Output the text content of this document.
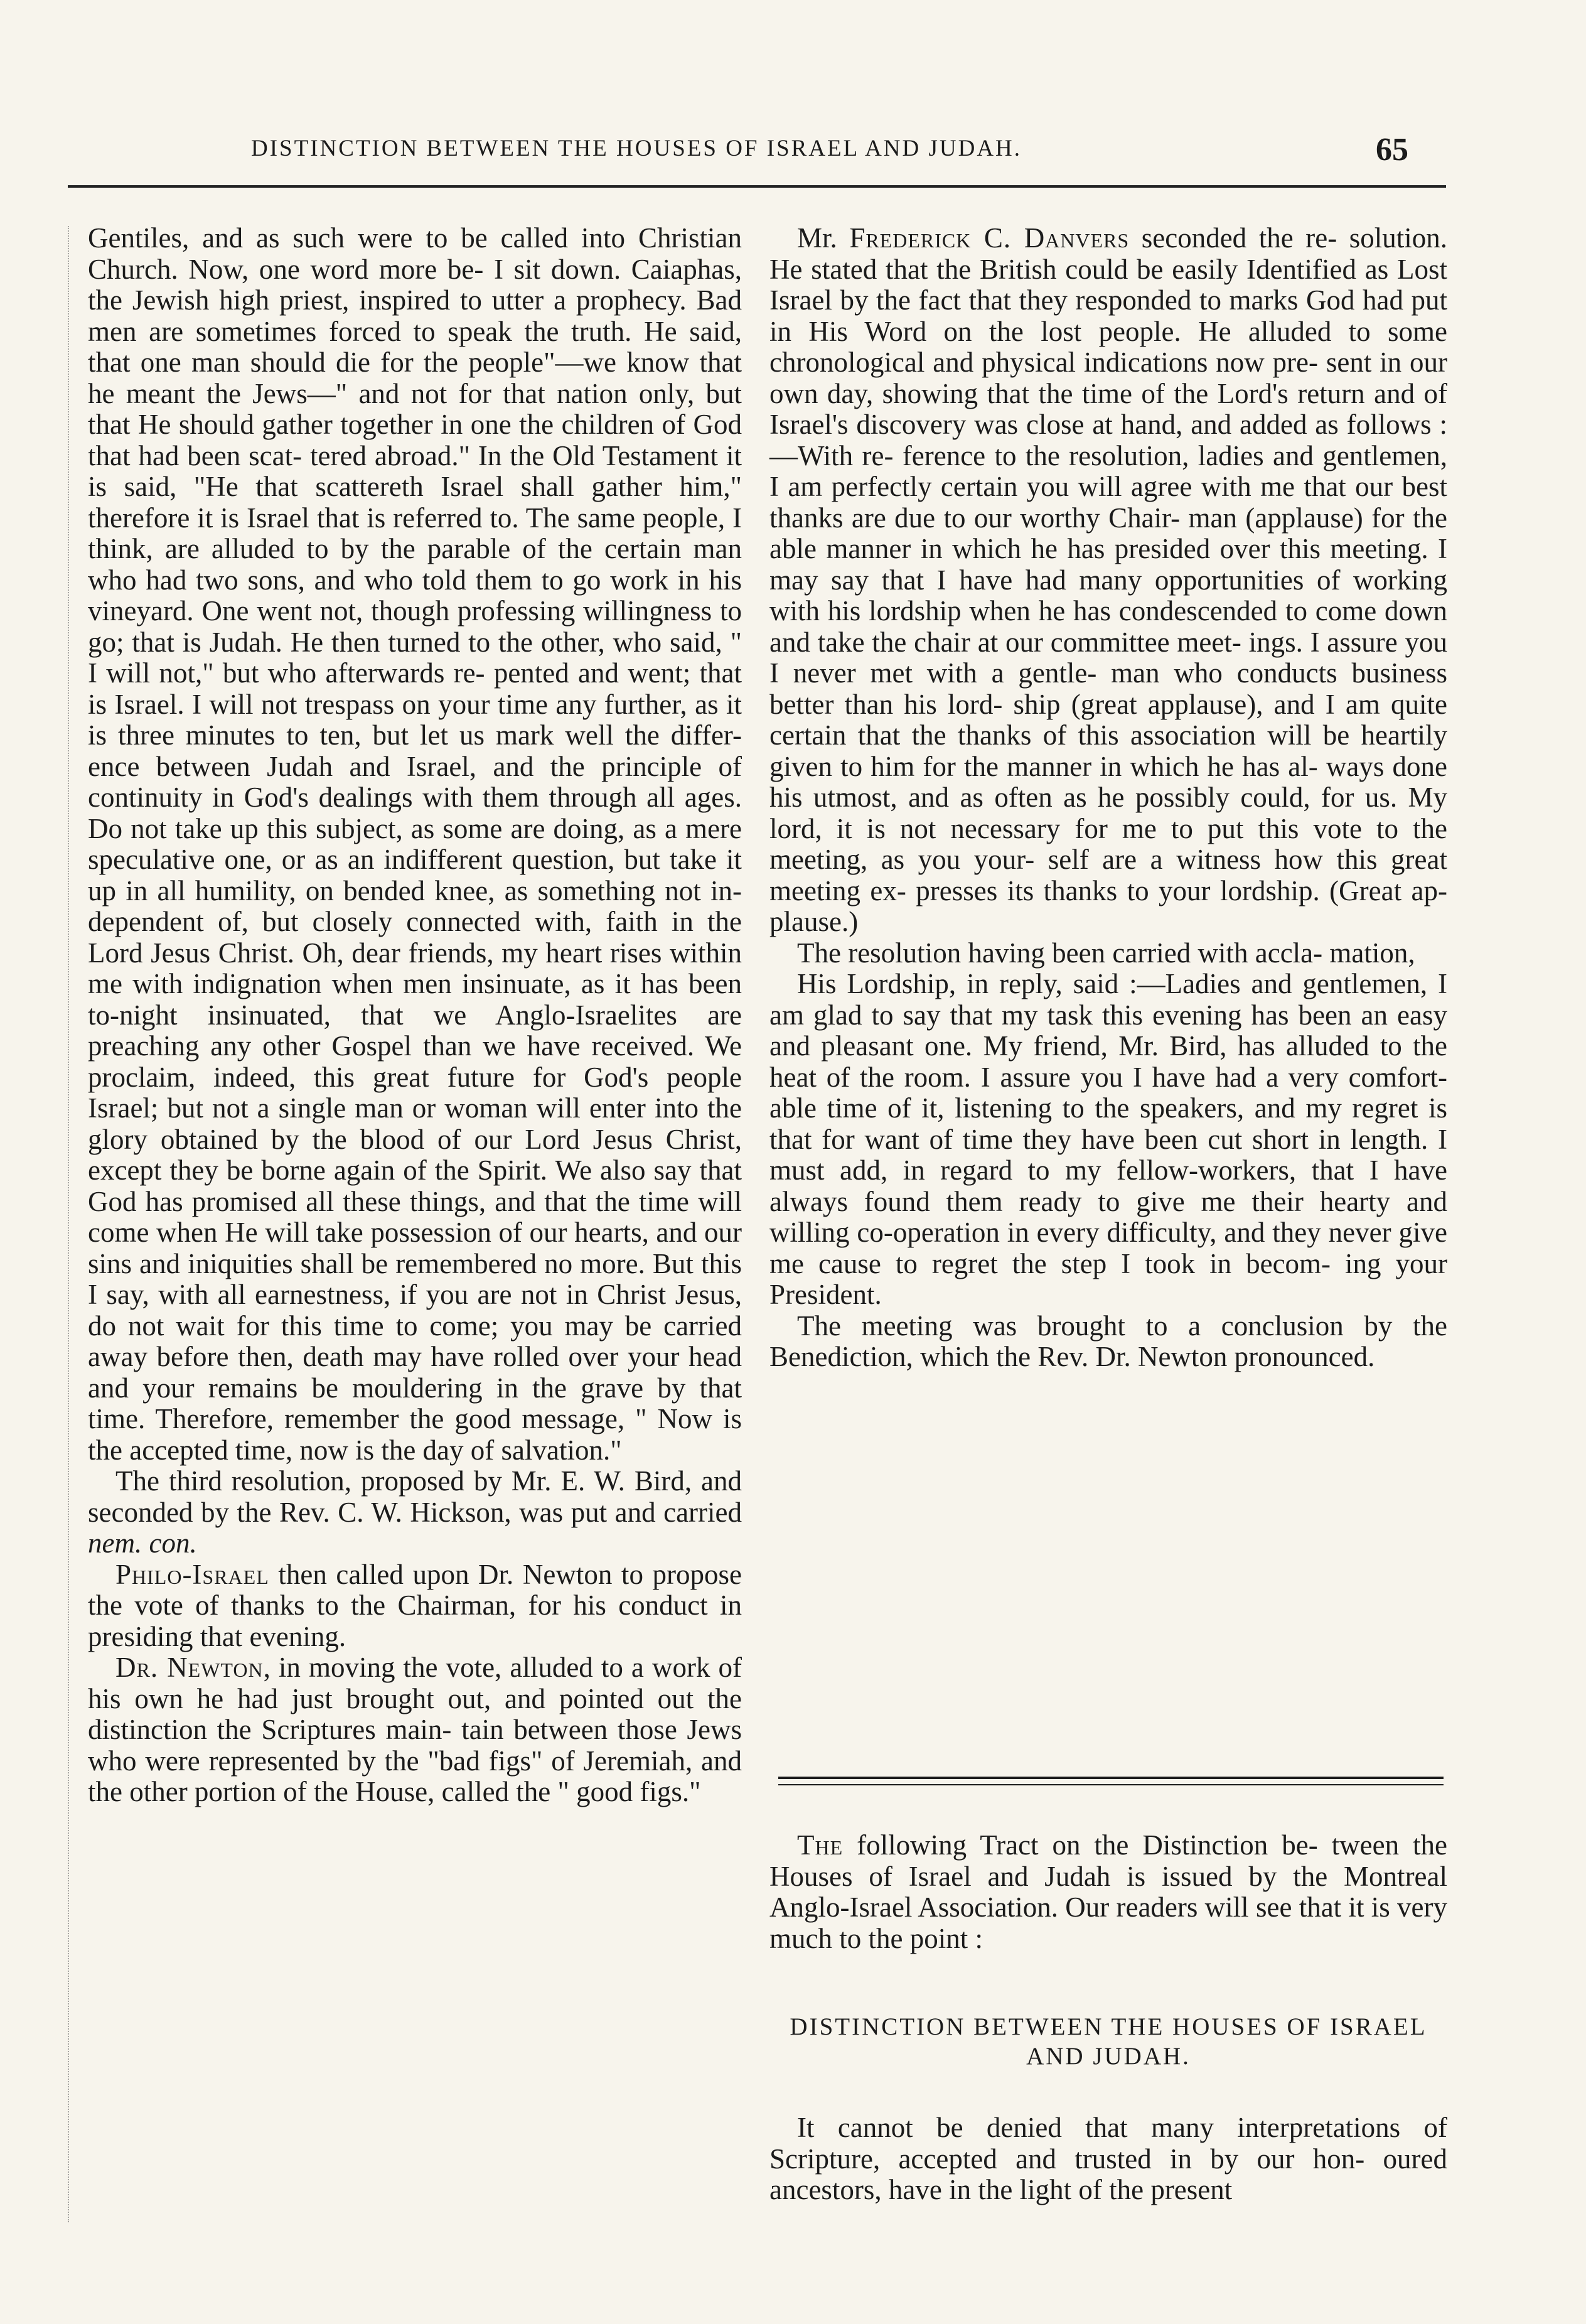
DISTINCTION BETWEEN THE HOUSES OF ISRAEL AND JUDAH.	65

Gentiles, and as such were to be called into Christian Church. Now, one word more be- I sit down. Caiaphas, the Jewish high priest, inspired to utter a prophecy. Bad men are sometimes forced to speak the truth. He said, that one man should die for the people"—we know that he meant the Jews—" and not for that nation only, but that He should gather together in one the children of God that had been scat- tered abroad." In the Old Testament it is said, "He that scattereth Israel shall gather him," therefore it is Israel that is referred to. The same people, I think, are alluded to by the parable of the certain man who had two sons, and who told them to go work in his vineyard. One went not, though professing willingness to go; that is Judah. He then turned to the other, who said, " I will not," but who afterwards re- pented and went; that is Israel. I will not trespass on your time any further, as it is three minutes to ten, but let us mark well the differ- ence between Judah and Israel, and the principle of continuity in God's dealings with them through all ages. Do not take up this subject, as some are doing, as a mere speculative one, or as an indifferent question, but take it up in all humility, on bended knee, as something not in- dependent of, but closely connected with, faith in the Lord Jesus Christ. Oh, dear friends, my heart rises within me with indignation when men insinuate, as it has been to-night insinuated, that we Anglo-Israelites are preaching any other Gospel than we have received. We proclaim, indeed, this great future for God's people Israel; but not a single man or woman will enter into the glory obtained by the blood of our Lord Jesus Christ, except they be borne again of the Spirit. We also say that God has promised all these things, and that the time will come when He will take possession of our hearts, and our sins and iniquities shall be remembered no more. But this I say, with all earnestness, if you are not in Christ Jesus, do not wait for this time to come; you may be carried away before then, death may have rolled over your head and your remains be mouldering in the grave by that time. Therefore, remember the good message, " Now is the accepted time, now is the day of salvation."

The third resolution, proposed by Mr. E. W. Bird, and seconded by the Rev. C. W. Hickson, was put and carried nem. con.

Philo-Israel then called upon Dr. Newton to propose the vote of thanks to the Chairman, for his conduct in presiding that evening.

Dr. Newton, in moving the vote, alluded to a work of his own he had just brought out, and pointed out the distinction the Scriptures main- tain between those Jews who were represented by the "bad figs" of Jeremiah, and the other portion of the House, called the " good figs."

Mr. Frederick C. Danvers seconded the re- solution. He stated that the British could be easily Identified as Lost Israel by the fact that they responded to marks God had put in His Word on the lost people. He alluded to some chronological and physical indications now pre- sent in our own day, showing that the time of the Lord's return and of Israel's discovery was close at hand, and added as follows :—With re- ference to the resolution, ladies and gentlemen, I am perfectly certain you will agree with me that our best thanks are due to our worthy Chair- man (applause) for the able manner in which he has presided over this meeting. I may say that I have had many opportunities of working with his lordship when he has condescended to come down and take the chair at our committee meet- ings. I assure you I never met with a gentle- man who conducts business better than his lord- ship (great applause), and I am quite certain that the thanks of this association will be heartily given to him for the manner in which he has al- ways done his utmost, and as often as he possibly could, for us. My lord, it is not necessary for me to put this vote to the meeting, as you your- self are a witness how this great meeting ex- presses its thanks to your lordship. (Great ap- plause.)

The resolution having been carried with accla- mation,

His Lordship, in reply, said :—Ladies and gentlemen, I am glad to say that my task this evening has been an easy and pleasant one. My friend, Mr. Bird, has alluded to the heat of the room. I assure you I have had a very comfort- able time of it, listening to the speakers, and my regret is that for want of time they have been cut short in length. I must add, in regard to my fellow-workers, that I have always found them ready to give me their hearty and willing co-operation in every difficulty, and they never give me cause to regret the step I took in becom- ing your President.

The meeting was brought to a conclusion by the Benediction, which the Rev. Dr. Newton pronounced.

The following Tract on the Distinction be- tween the Houses of Israel and Judah is issued by the Montreal Anglo-Israel Association. Our readers will see that it is very much to the point :

DISTINCTION BETWEEN THE HOUSES OF ISRAEL
AND JUDAH.

It cannot be denied that many interpretations of Scripture, accepted and trusted in by our hon- oured ancestors, have in the light of the present
